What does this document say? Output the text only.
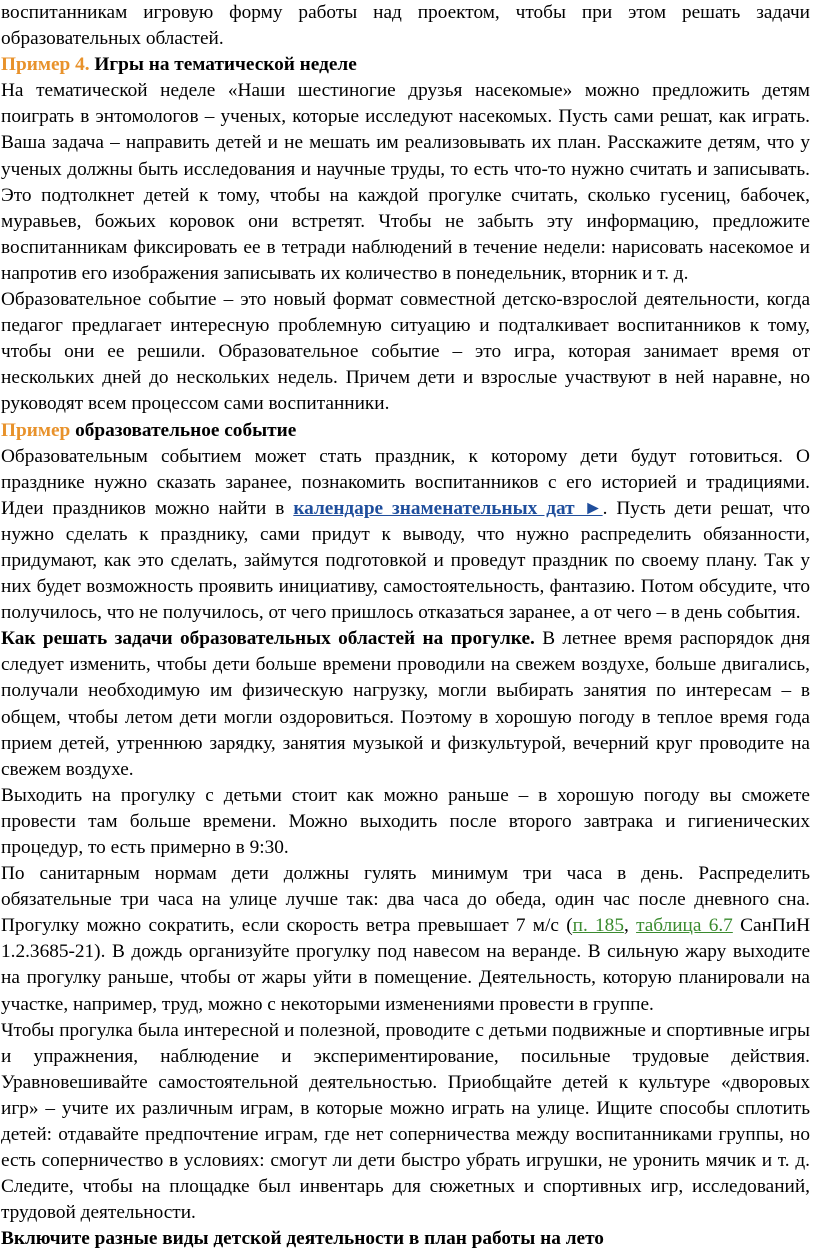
воспитанникам игровую форму работы над проектом, чтобы при этом решать задачи образовательных областей.

Пример 4. Игры на тематической неделе

На тематической неделе «Наши шестиногие друзья насекомые» можно предложить детям поиграть в энтомологов – ученых, которые исследуют насекомых. Пусть сами решат, как играть. Ваша задача – направить детей и не мешать им реализовывать их план. Расскажите детям, что у ученых должны быть исследования и научные труды, то есть что-то нужно считать и записывать. Это подтолкнет детей к тому, чтобы на каждой прогулке считать, сколько гусениц, бабочек, муравьев, божьих коровок они встретят. Чтобы не забыть эту информацию, предложите воспитанникам фиксировать ее в тетради наблюдений в течение недели: нарисовать насекомое и напротив его изображения записывать их количество в понедельник, вторник и т. д.

Образовательное событие – это новый формат совместной детско-взрослой деятельности, когда педагог предлагает интересную проблемную ситуацию и подталкивает воспитанников к тому, чтобы они ее решили. Образовательное событие – это игра, которая занимает время от нескольких дней до нескольких недель. Причем дети и взрослые участвуют в ней наравне, но руководят всем процессом сами воспитанники.

Пример образовательное событие

Образовательным событием может стать праздник, к которому дети будут готовиться. О празднике нужно сказать заранее, познакомить воспитанников с его историей и традициями. Идеи праздников можно найти в календаре знаменательных дат ►. Пусть дети решат, что нужно сделать к празднику, сами придут к выводу, что нужно распределить обязанности, придумают, как это сделать, займутся подготовкой и проведут праздник по своему плану. Так у них будет возможность проявить инициативу, самостоятельность, фантазию. Потом обсудите, что получилось, что не получилось, от чего пришлось отказаться заранее, а от чего – в день события.

Как решать задачи образовательных областей на прогулке. В летнее время распорядок дня следует изменить, чтобы дети больше времени проводили на свежем воздухе, больше двигались, получали необходимую им физическую нагрузку, могли выбирать занятия по интересам – в общем, чтобы летом дети могли оздоровиться. Поэтому в хорошую погоду в теплое время года прием детей, утреннюю зарядку, занятия музыкой и физкультурой, вечерний круг проводите на свежем воздухе.

Выходить на прогулку с детьми стоит как можно раньше – в хорошую погоду вы сможете провести там больше времени. Можно выходить после второго завтрака и гигиенических процедур, то есть примерно в 9:30.

По санитарным нормам дети должны гулять минимум три часа в день. Распределить обязательные три часа на улице лучше так: два часа до обеда, один час после дневного сна. Прогулку можно сократить, если скорость ветра превышает 7 м/с (п. 185, таблица 6.7 СанПиН 1.2.3685-21). В дождь организуйте прогулку под навесом на веранде. В сильную жару выходите на прогулку раньше, чтобы от жары уйти в помещение. Деятельность, которую планировали на участке, например, труд, можно с некоторыми изменениями провести в группе.

Чтобы прогулка была интересной и полезной, проводите с детьми подвижные и спортивные игры и упражнения, наблюдение и экспериментирование, посильные трудовые действия. Уравновешивайте самостоятельной деятельностью. Приобщайте детей к культуре «дворовых игр» – учите их различным играм, в которые можно играть на улице. Ищите способы сплотить детей: отдавайте предпочтение играм, где нет соперничества между воспитанниками группы, но есть соперничество в условиях: смогут ли дети быстро убрать игрушки, не уронить мячик и т. д. Следите, чтобы на площадке был инвентарь для сюжетных и спортивных игр, исследований, трудовой деятельности.

Включите разные виды детской деятельности в план работы на лето
